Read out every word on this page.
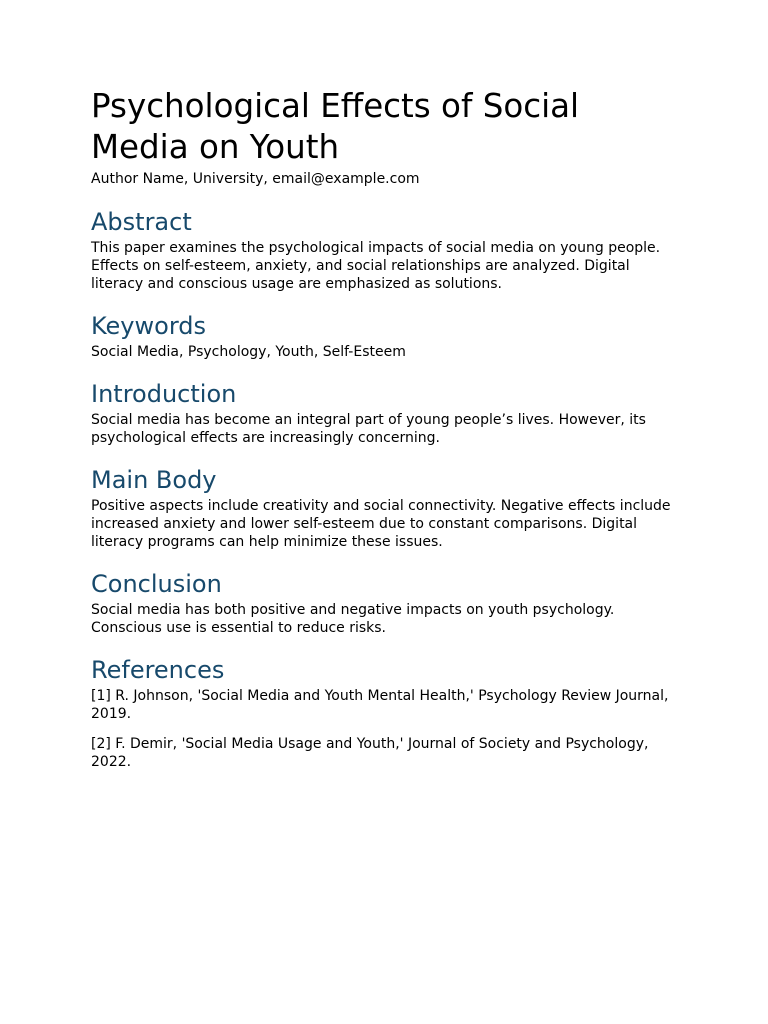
Psychological Effects of Social Media on Youth
Author Name, University, email@example.com
Abstract

This paper examines the psychological impacts of social media on young people. Effects on self-esteem, anxiety, and social relationships are analyzed. Digital literacy and conscious usage are emphasized as solutions.

Keywords

Social Media, Psychology, Youth, Self-Esteem

Introduction

Social media has become an integral part of young people’s lives. However, its psychological effects are increasingly concerning.

Main Body

Positive aspects include creativity and social connectivity. Negative effects include increased anxiety and lower self-esteem due to constant comparisons. Digital literacy programs can help minimize these issues.

Conclusion

Social media has both positive and negative impacts on youth psychology. Conscious use is essential to reduce risks.

References

[1] R. Johnson, 'Social Media and Youth Mental Health,' Psychology Review Journal, 2019.

[2] F. Demir, 'Social Media Usage and Youth,' Journal of Society and Psychology, 2022.
